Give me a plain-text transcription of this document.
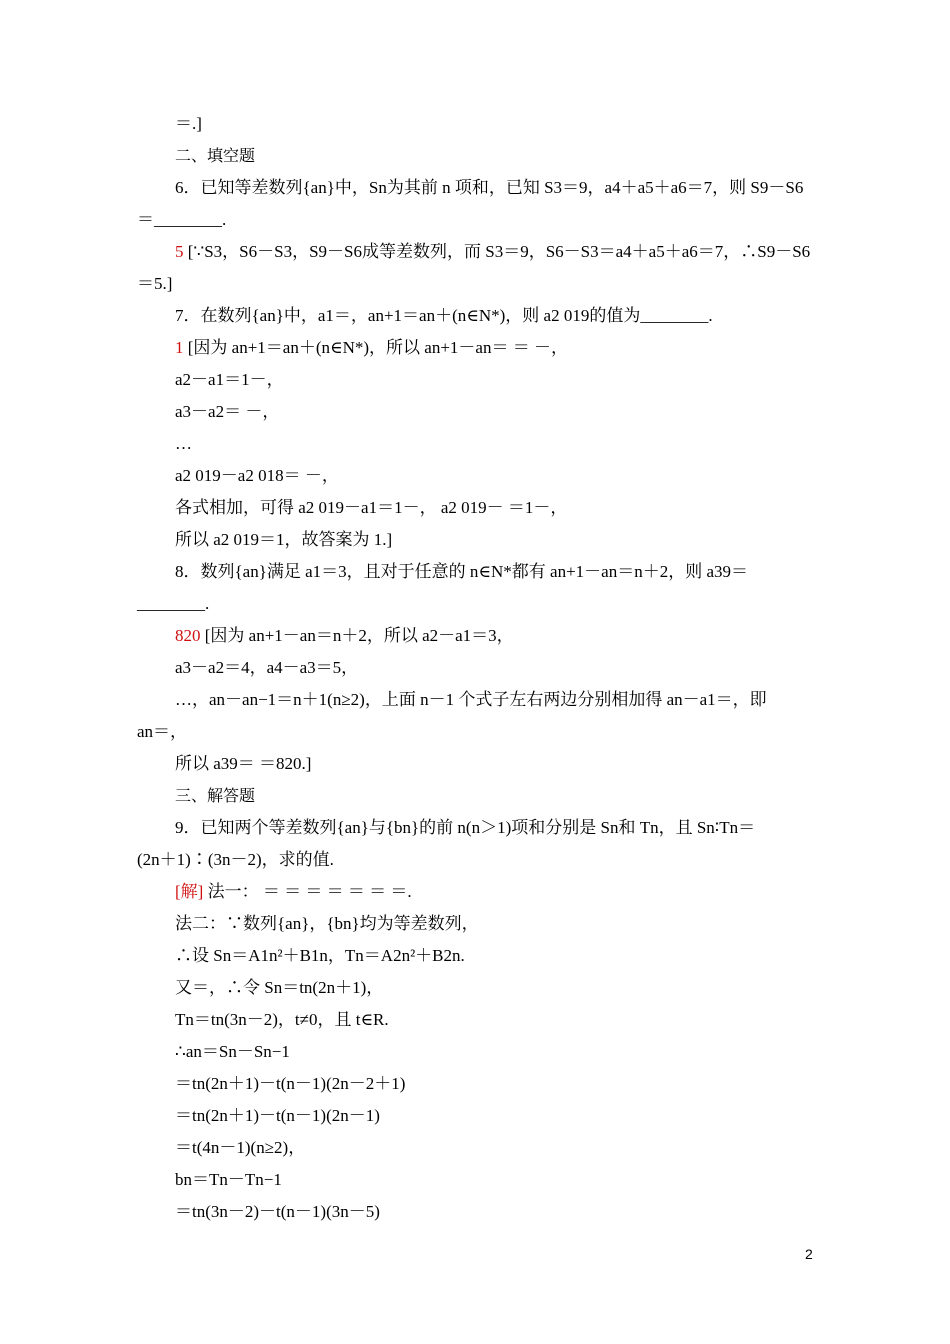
＝.]
二、填空题
6．已知等差数列{an}中，Sn为其前 n 项和，已知 S3＝9，a4＋a5＋a6＝7，则 S9－S6
＝________.
5 [∵S3，S6－S3，S9－S6成等差数列，而 S3＝9，S6－S3＝a4＋a5＋a6＝7，∴S9－S6
＝5.]
7．在数列{an}中，a1＝，an+1＝an＋(n∈N*)，则 a2 019的值为________.
1 [因为 an+1＝an＋(n∈N*)，所以 an+1－an＝ ＝ －，
a2－a1＝1－，
a3－a2＝ －，
…
a2 019－a2 018＝ －，
各式相加，可得 a2 019－a1＝1－， a2 019－ ＝1－，
所以 a2 019＝1，故答案为 1.]
8．数列{an}满足 a1＝3，且对于任意的 n∈N*都有 an+1－an＝n＋2，则 a39＝
________.
820 [因为 an+1－an＝n＋2，所以 a2－a1＝3，
a3－a2＝4，a4－a3＝5，
…，an－an−1＝n＋1(n≥2)，上面 n－1 个式子左右两边分别相加得 an－a1＝，即
an＝，
所以 a39＝ ＝820.]
三、解答题
9．已知两个等差数列{an}与{bn}的前 n(n＞1)项和分别是 Sn和 Tn，且 Sn∶Tn＝
(2n＋1)∶(3n－2)，求的值.
[解] 法一： ＝ ＝ ＝ ＝ ＝ ＝ ＝.
法二：∵数列{an}，{bn}均为等差数列，
∴设 Sn＝A1n²＋B1n，Tn＝A2n²＋B2n.
又＝，∴令 Sn＝tn(2n＋1)，
Tn＝tn(3n－2)，t≠0，且 t∈R.
∴an＝Sn－Sn−1
＝tn(2n＋1)－t(n－1)(2n－2＋1)
＝tn(2n＋1)－t(n－1)(2n－1)
＝t(4n－1)(n≥2)，
bn＝Tn－Tn−1
＝tn(3n－2)－t(n－1)(3n－5)
2
